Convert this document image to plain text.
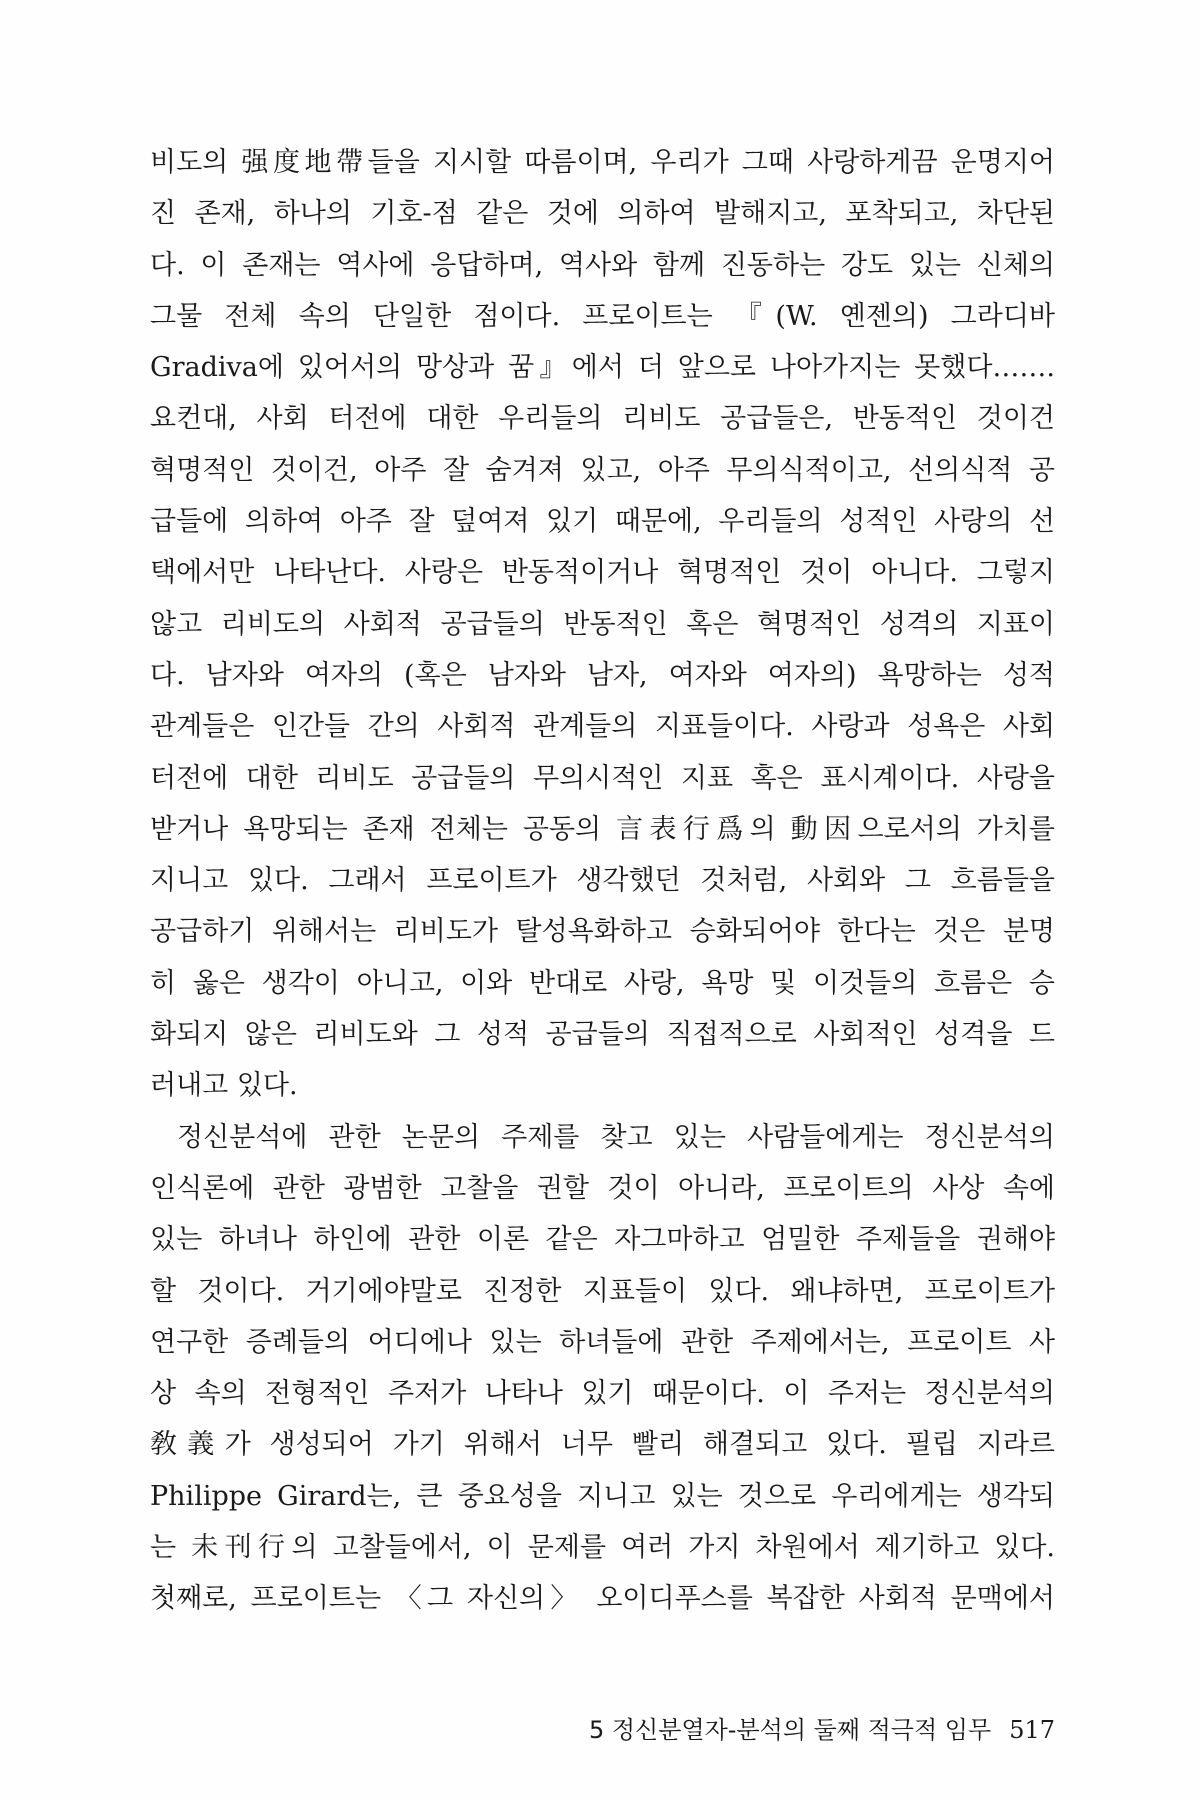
비도의 强度地帶들을 지시할 따름이며, 우리가 그때 사랑하게끔 운명지어
진 존재, 하나의 기호-점 같은 것에 의하여 발해지고, 포착되고, 차단된
다. 이 존재는 역사에 응답하며, 역사와 함께 진동하는 강도 있는 신체의
그물 전체 속의 단일한 점이다. 프로이트는 『(W. 옌젠의) 그라디바
Gradiva에 있어서의 망상과 꿈』에서 더 앞으로 나아가지는 못했다…….
요컨대, 사회 터전에 대한 우리들의 리비도 공급들은, 반동적인 것이건
혁명적인 것이건, 아주 잘 숨겨져 있고, 아주 무의식적이고, 선의식적 공
급들에 의하여 아주 잘 덮여져 있기 때문에, 우리들의 성적인 사랑의 선
택에서만 나타난다. 사랑은 반동적이거나 혁명적인 것이 아니다. 그렇지
않고 리비도의 사회적 공급들의 반동적인 혹은 혁명적인 성격의 지표이
다. 남자와 여자의 (혹은 남자와 남자, 여자와 여자의) 욕망하는 성적
관계들은 인간들 간의 사회적 관계들의 지표들이다. 사랑과 성욕은 사회
터전에 대한 리비도 공급들의 무의시적인 지표 혹은 표시계이다. 사랑을
받거나 욕망되는 존재 전체는 공동의 言表行爲의 動因으로서의 가치를
지니고 있다. 그래서 프로이트가 생각했던 것처럼, 사회와 그 흐름들을
공급하기 위해서는 리비도가 탈성욕화하고 승화되어야 한다는 것은 분명
히 옳은 생각이 아니고, 이와 반대로 사랑, 욕망 및 이것들의 흐름은 승
화되지 않은 리비도와 그 성적 공급들의 직접적으로 사회적인 성격을 드
러내고 있다.
정신분석에 관한 논문의 주제를 찾고 있는 사람들에게는 정신분석의
인식론에 관한 광범한 고찰을 권할 것이 아니라, 프로이트의 사상 속에
있는 하녀나 하인에 관한 이론 같은 자그마하고 엄밀한 주제들을 권해야
할 것이다. 거기에야말로 진정한 지표들이 있다. 왜냐하면, 프로이트가
연구한 증례들의 어디에나 있는 하녀들에 관한 주제에서는, 프로이트 사
상 속의 전형적인 주저가 나타나 있기 때문이다. 이 주저는 정신분석의
敎義가 생성되어 가기 위해서 너무 빨리 해결되고 있다. 필립 지라르
Philippe Girard는, 큰 중요성을 지니고 있는 것으로 우리에게는 생각되
는 未刊行의 고찰들에서, 이 문제를 여러 가지 차원에서 제기하고 있다.
첫째로, 프로이트는 〈그 자신의〉 오이디푸스를 복잡한 사회적 문맥에서
5 정신분열자-분석의 둘째 적극적 임무 517
